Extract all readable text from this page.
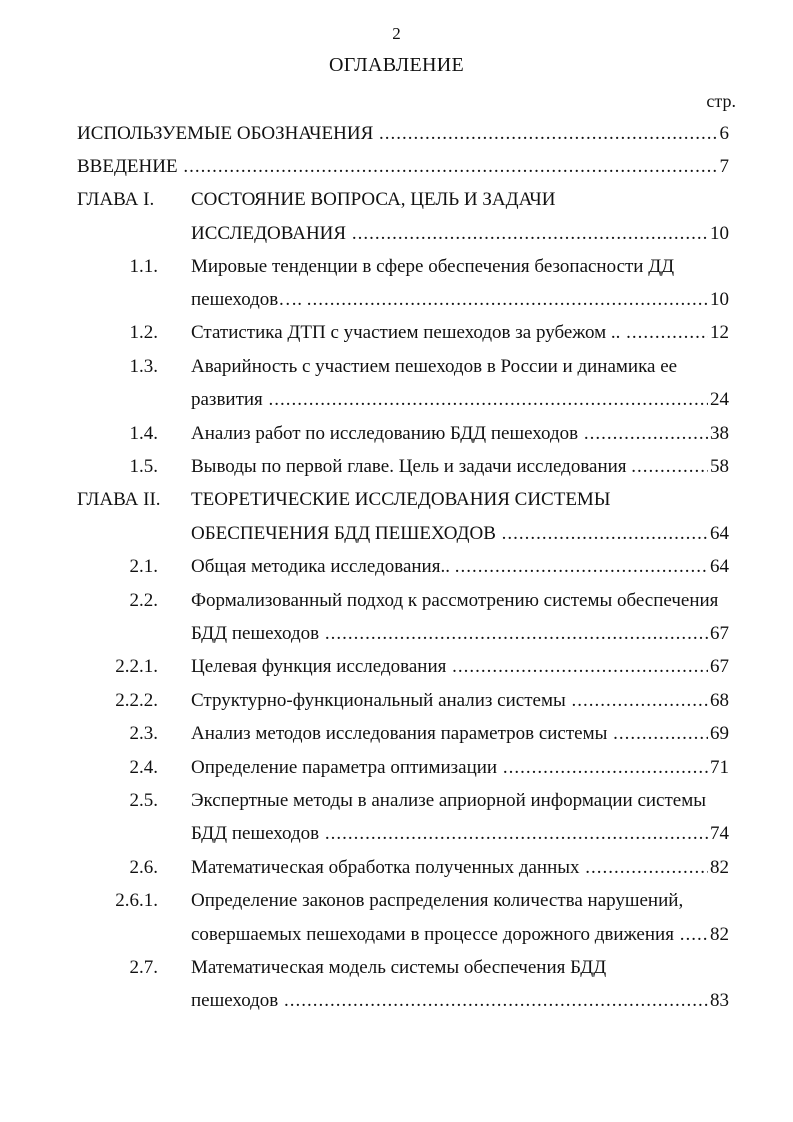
2
ОГЛАВЛЕНИЕ
стр.
ИСПОЛЬЗУЕМЫЕ ОБОЗНАЧЕНИЯ .....	6
ВВЕДЕНИЕ .....	7
ГЛАВА I. СОСТОЯНИЕ ВОПРОСА, ЦЕЛЬ И ЗАДАЧИ
ИССЛЕДОВАНИЯ .....	10
1.1. Мировые тенденции в сфере обеспечения безопасности ДД
пешеходов…. .....	10
1.2. Статистика ДТП с участием пешеходов за рубежом .. .....	12
1.3. Аварийность с участием пешеходов в России и динамика ее
развития .....	24
1.4. Анализ работ по исследованию БДД пешеходов .....	38
1.5. Выводы по первой главе. Цель и задачи исследования .....	58
ГЛАВА II. ТЕОРЕТИЧЕСКИЕ ИССЛЕДОВАНИЯ СИСТЕМЫ
ОБЕСПЕЧЕНИЯ БДД ПЕШЕХОДОВ .....	64
2.1. Общая методика исследования.. .....	64
2.2. Формализованный подход к рассмотрению системы обеспечения
БДД пешеходов .....	67
2.2.1. Целевая функция исследования .....	67
2.2.2. Структурно-функциональный анализ системы .....	68
2.3. Анализ методов исследования параметров системы .....	69
2.4. Определение параметра оптимизации .....	71
2.5. Экспертные методы в анализе априорной информации системы
БДД пешеходов .....	74
2.6. Математическая обработка полученных данных .....	82
2.6.1. Определение законов распределения количества нарушений,
совершаемых пешеходами в процессе дорожного движения .....	82
2.7. Математическая модель системы обеспечения БДД
пешеходов .....	83
